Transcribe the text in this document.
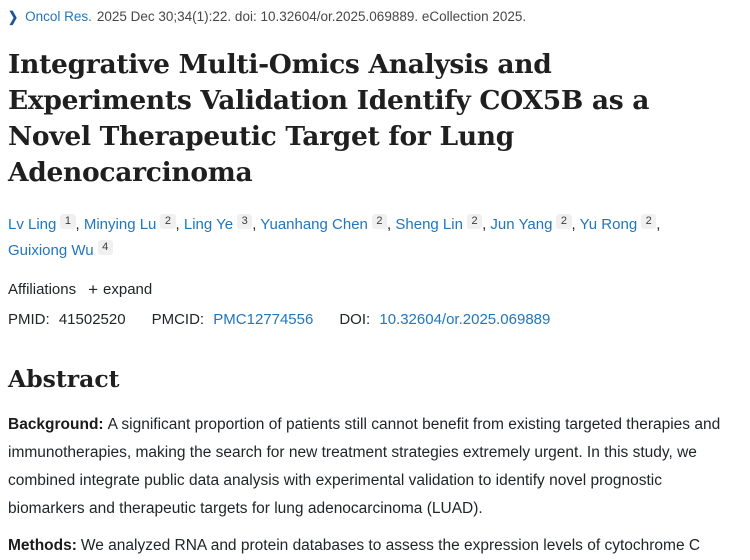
❯ Oncol Res. 2025 Dec 30;34(1):22. doi: 10.32604/or.2025.069889. eCollection 2025.
Integrative Multi-Omics Analysis and Experiments Validation Identify COX5B as a Novel Therapeutic Target for Lung Adenocarcinoma
Lv Ling 1 , Minying Lu 2 , Ling Ye 3 , Yuanhang Chen 2 , Sheng Lin 2 , Jun Yang 2 , Yu Rong 2 , Guixiong Wu 4
Affiliations + expand
PMID: 41502520 PMCID: PMC12774556 DOI: 10.32604/or.2025.069889
Abstract

Background: A significant proportion of patients still cannot benefit from existing targeted therapies and immunotherapies, making the search for new treatment strategies extremely urgent. In this study, we combined integrate public data analysis with experimental validation to identify novel prognostic biomarkers and therapeutic targets for lung adenocarcinoma (LUAD).

Methods: We analyzed RNA and protein databases to assess the expression levels of cytochrome C
